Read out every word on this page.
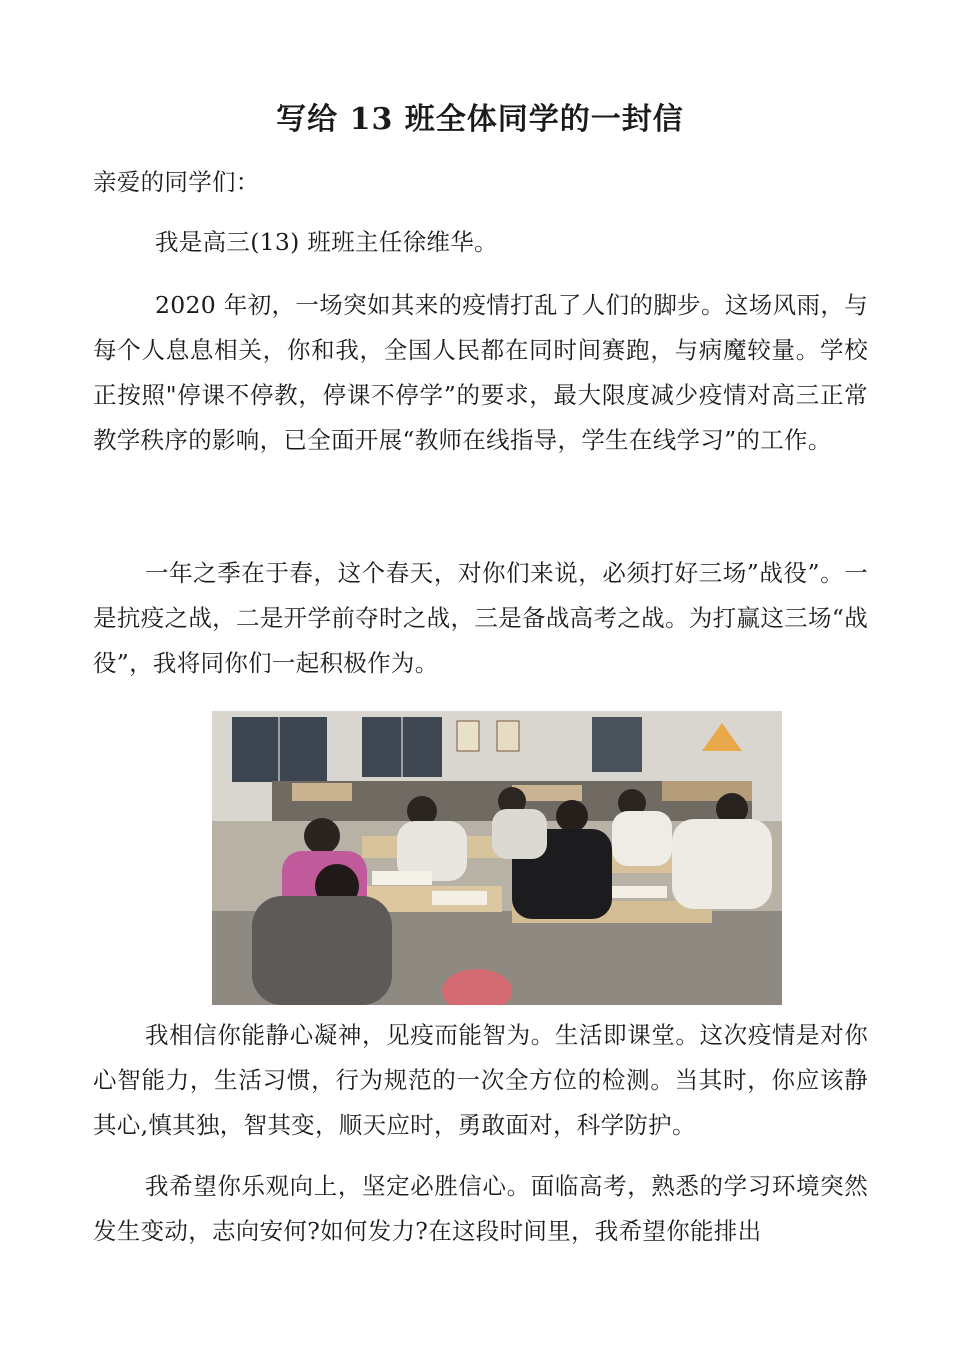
写给 13 班全体同学的一封信

亲爱的同学们：

我是高三(13) 班班主任徐维华。

2020 年初，一场突如其来的疫情打乱了人们的脚步。这场风雨，与每个人息息相关，你和我，全国人民都在同时间赛跑，与病魔较量。学校正按照"停课不停教，停课不停学”的要求，最大限度减少疫情对高三正常教学秩序的影响，已全面开展“教师在线指导，学生在线学习”的工作。

一年之季在于春，这个春天，对你们来说，必须打好三场”战役”。一是抗疫之战，二是开学前夺时之战，三是备战高考之战。为打赢这三场“战役”，我将同你们一起积极作为。

我相信你能静心凝神，见疫而能智为。生活即课堂。这次疫情是对你心智能力，生活习惯，行为规范的一次全方位的检测。当其时，你应该静其心,慎其独，智其变，顺天应时，勇敢面对，科学防护。

我希望你乐观向上，坚定必胜信心。面临高考，熟悉的学习环境突然发生变动，志向安何?如何发力?在这段时间里，我希望你能排出
